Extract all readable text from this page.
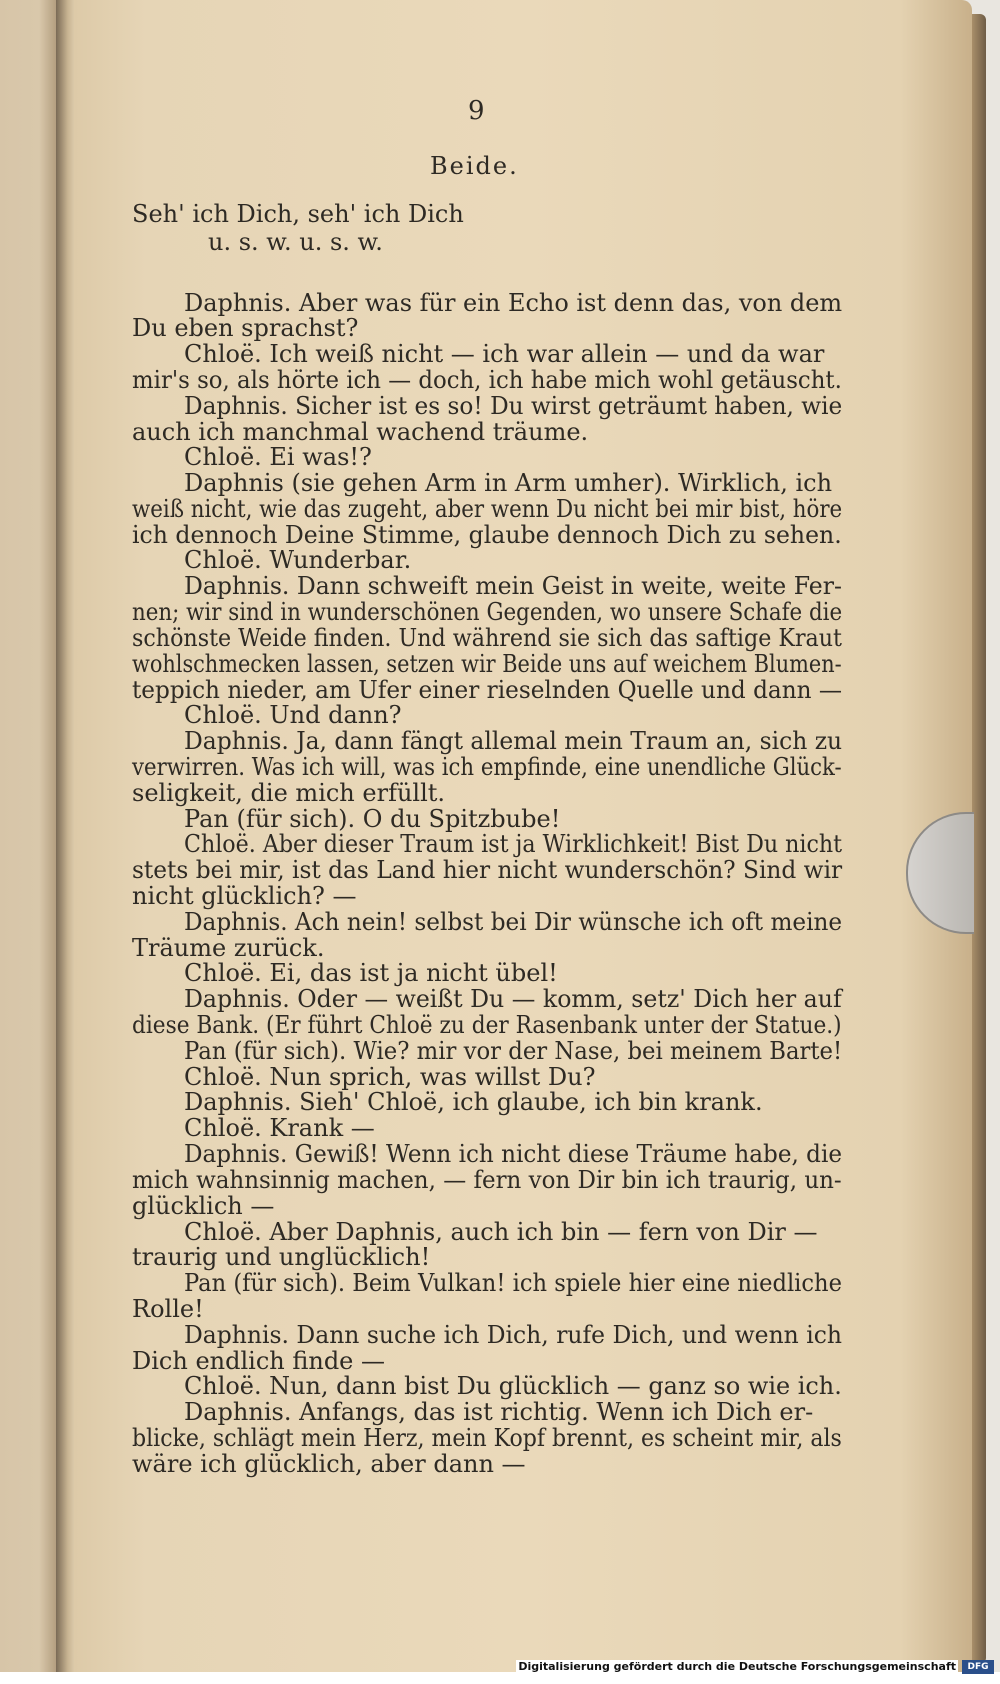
9
Beide.
Seh' ich Dich, seh' ich Dich
u. s. w. u. s. w.
Daphnis. Aber was für ein Echo ist denn das, von dem
Du eben sprachst?
Chloë. Ich weiß nicht — ich war allein — und da war
mir's so, als hörte ich — doch, ich habe mich wohl getäuscht.
Daphnis. Sicher ist es so! Du wirst geträumt haben, wie
auch ich manchmal wachend träume.
Chloë. Ei was!?
Daphnis (sie gehen Arm in Arm umher). Wirklich, ich
weiß nicht, wie das zugeht, aber wenn Du nicht bei mir bist, höre
ich dennoch Deine Stimme, glaube dennoch Dich zu sehen.
Chloë. Wunderbar.
Daphnis. Dann schweift mein Geist in weite, weite Fer-
nen; wir sind in wunderschönen Gegenden, wo unsere Schafe die
schönste Weide finden. Und während sie sich das saftige Kraut
wohlschmecken lassen, setzen wir Beide uns auf weichem Blumen-
teppich nieder, am Ufer einer rieselnden Quelle und dann —
Chloë. Und dann?
Daphnis. Ja, dann fängt allemal mein Traum an, sich zu
verwirren. Was ich will, was ich empfinde, eine unendliche Glück-
seligkeit, die mich erfüllt.
Pan (für sich). O du Spitzbube!
Chloë. Aber dieser Traum ist ja Wirklichkeit! Bist Du nicht
stets bei mir, ist das Land hier nicht wunderschön? Sind wir
nicht glücklich? —
Daphnis. Ach nein! selbst bei Dir wünsche ich oft meine
Träume zurück.
Chloë. Ei, das ist ja nicht übel!
Daphnis. Oder — weißt Du — komm, setz' Dich her auf
diese Bank. (Er führt Chloë zu der Rasenbank unter der Statue.)
Pan (für sich). Wie? mir vor der Nase, bei meinem Barte!
Chloë. Nun sprich, was willst Du?
Daphnis. Sieh' Chloë, ich glaube, ich bin krank.
Chloë. Krank —
Daphnis. Gewiß! Wenn ich nicht diese Träume habe, die
mich wahnsinnig machen, — fern von Dir bin ich traurig, un-
glücklich —
Chloë. Aber Daphnis, auch ich bin — fern von Dir —
traurig und unglücklich!
Pan (für sich). Beim Vulkan! ich spiele hier eine niedliche
Rolle!
Daphnis. Dann suche ich Dich, rufe Dich, und wenn ich
Dich endlich finde —
Chloë. Nun, dann bist Du glücklich — ganz so wie ich.
Daphnis. Anfangs, das ist richtig. Wenn ich Dich er-
blicke, schlägt mein Herz, mein Kopf brennt, es scheint mir, als
wäre ich glücklich, aber dann —
Digitalisierung gefördert durch die Deutsche Forschungsgemeinschaft	DFG
